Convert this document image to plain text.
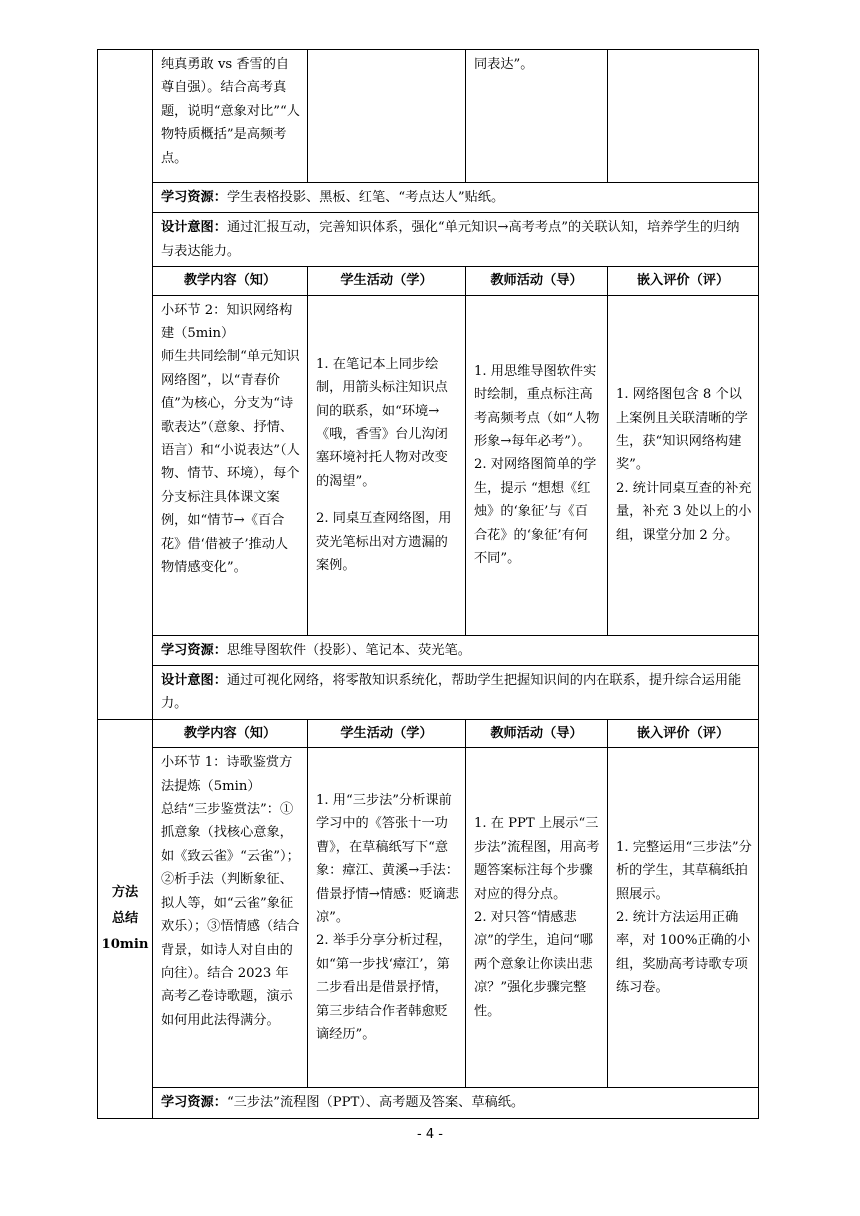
	纯真勇敢 vs 香雪的自尊自强）。结合高考真题，说明“意象对比”“人物特质概括”是高频考点。		同表达”。	
	学习资源：学生表格投影、黑板、红笔、“考点达人”贴纸。			
	设计意图：通过汇报互动，完善知识体系，强化“单元知识→高考考点”的关联认知，培养学生的归纳与表达能力。			
	教学内容（知）	学生活动（学）	教师活动（导）	嵌入评价（评）
	小环节 2：知识网络构建（5min）
师生共同绘制“单元知识网络图”，以“青春价值”为核心，分支为“诗歌表达”（意象、抒情、语言）和“小说表达”（人物、情节、环境），每个分支标注具体课文案例，如“情节→《百合花》借‘借被子’推动人物情感变化”。	1. 在笔记本上同步绘制，用箭头标注知识点间的联系，如“环境→《哦，香雪》台儿沟闭塞环境衬托人物对改变的渴望”。
2. 同桌互查网络图，用荧光笔标出对方遗漏的案例。	1. 用思维导图软件实时绘制，重点标注高考高频考点（如“人物形象→每年必考”）。
2. 对网络图简单的学生，提示 “想想《红烛》的‘象征’与《百合花》的‘象征’有何不同”。	1. 网络图包含 8 个以上案例且关联清晰的学生，获“知识网络构建奖”。
2. 统计同桌互查的补充量，补充 3 处以上的小组，课堂分加 2 分。

	学习资源：思维导图软件（投影）、笔记本、荧光笔。			
	设计意图：通过可视化网络，将零散知识系统化，帮助学生把握知识间的内在联系，提升综合运用能力。			

方法
总结
10min	教学内容（知）	学生活动（学）	教师活动（导）	嵌入评价（评）
	小环节 1：诗歌鉴赏方法提炼（5min）
总结“三步鉴赏法”：①抓意象（找核心意象，如《致云雀》“云雀”）；②析手法（判断象征、拟人等，如“云雀”象征欢乐）；③悟情感（结合背景，如诗人对自由的向往）。结合 2023 年高考乙卷诗歌题，演示如何用此法得满分。	1. 用“三步法”分析课前学习中的《答张十一功曹》，在草稿纸写下“意象：瘴江、黄溪→手法：借景抒情→情感：贬谪悲凉”。
2. 举手分享分析过程，如“第一步找‘瘴江’，第二步看出是借景抒情，第三步结合作者韩愈贬谪经历”。	1. 在 PPT 上展示“三步法”流程图，用高考题答案标注每个步骤对应的得分点。
2. 对只答“情感悲凉”的学生，追问“哪两个意象让你读出悲凉？”强化步骤完整性。	1. 完整运用“三步法”分析的学生，其草稿纸拍照展示。
2. 统计方法运用正确率，对 100%正确的小组，奖励高考诗歌专项练习卷。

	学习资源：“三步法”流程图（PPT）、高考题及答案、草稿纸。			
- 4 -
